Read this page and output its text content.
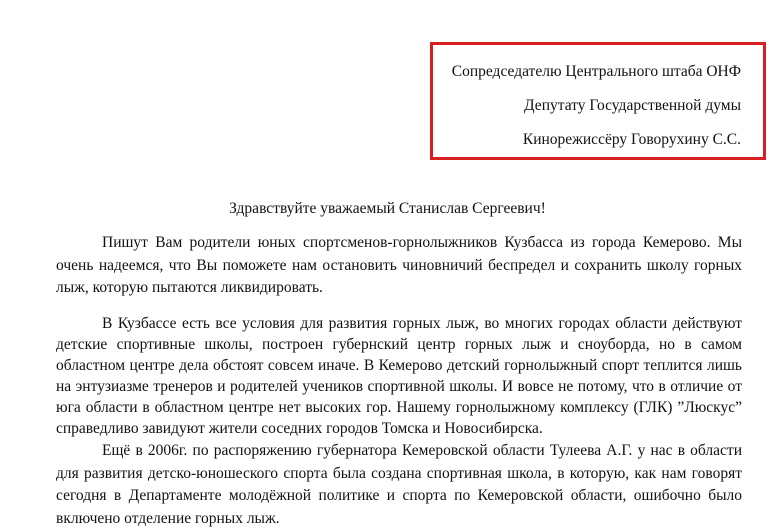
Сопредседателю Центрального штаба ОНФ
Депутату Государственной думы
Кинорежиссёру Говорухину С.С.
Здравствуйте уважаемый Станислав Сергеевич!

Пишут Вам родители юных спортсменов-горнолыжников Кузбасса из города Кемерово. Мы очень надеемся, что Вы поможете нам остановить чиновничий беспредел и сохранить школу горных лыж, которую пытаются ликвидировать.

В Кузбассе есть все условия для развития горных лыж, во многих городах области действуют детские спортивные школы, построен губернский центр горных лыж и сноуборда, но в самом областном центре дела обстоят совсем иначе. В Кемерово детский горнолыжный спорт теплится лишь на энтузиазме тренеров и родителей учеников спортивной школы. И вовсе не потому, что в отличие от юга области в областном центре нет высоких гор. Нашему горнолыжному комплексу (ГЛК) ”Люскус” справедливо завидуют жители соседних городов Томска и Новосибирска.

Ещё в 2006г. по распоряжению губернатора Кемеровской области Тулеева А.Г. у нас в области для развития детско-юношеского спорта была создана спортивная школа, в которую, как нам говорят сегодня в Департаменте молодёжной политике и спорта по Кемеровской области, ошибочно было включено отделение горных лыж.
